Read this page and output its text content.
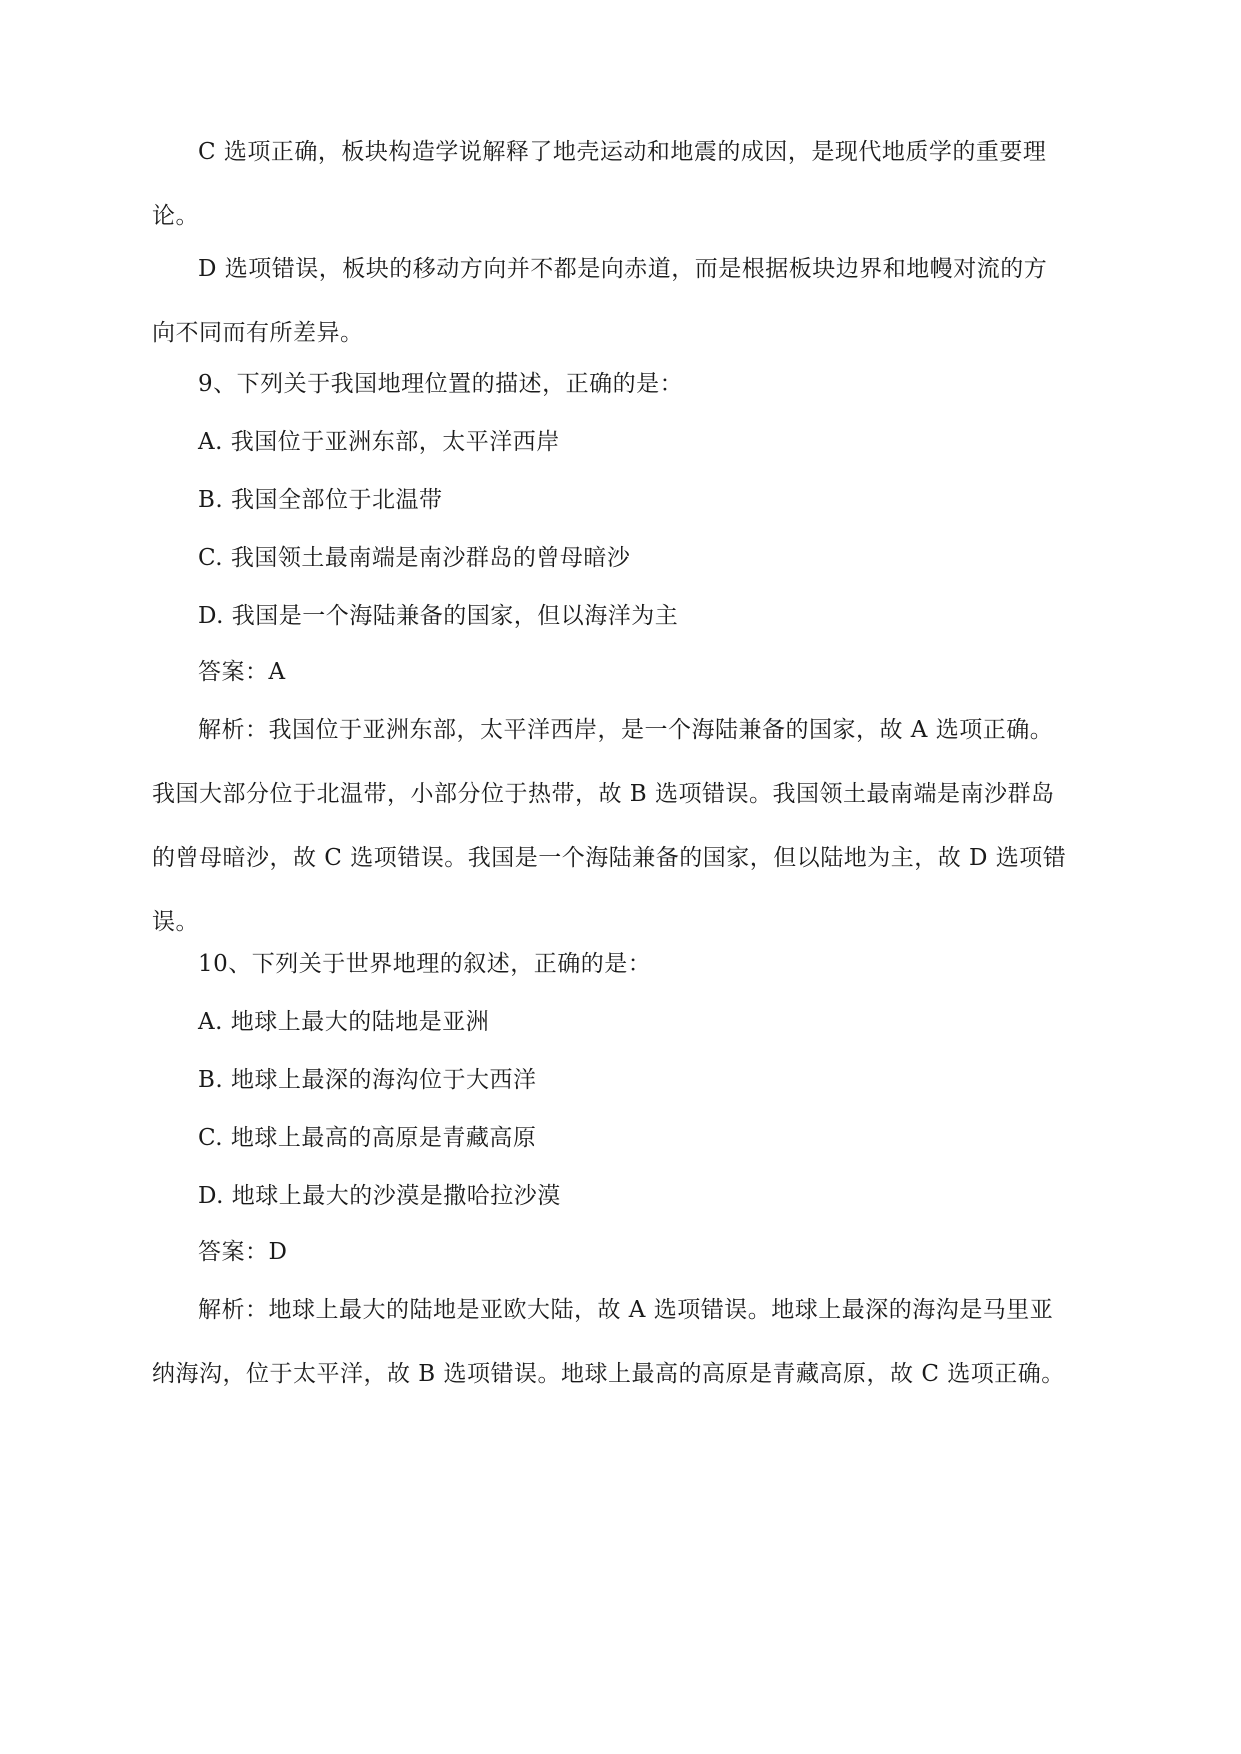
C 选项正确，板块构造学说解释了地壳运动和地震的成因，是现代地质学的重要理
论。
D 选项错误，板块的移动方向并不都是向赤道，而是根据板块边界和地幔对流的方
向不同而有所差异。
9、下列关于我国地理位置的描述，正确的是：
A. 我国位于亚洲东部，太平洋西岸
B. 我国全部位于北温带
C. 我国领土最南端是南沙群岛的曾母暗沙
D. 我国是一个海陆兼备的国家，但以海洋为主
答案：A
解析：我国位于亚洲东部，太平洋西岸，是一个海陆兼备的国家，故 A 选项正确。
我国大部分位于北温带，小部分位于热带，故 B 选项错误。我国领土最南端是南沙群岛
的曾母暗沙，故 C 选项错误。我国是一个海陆兼备的国家，但以陆地为主，故 D 选项错
误。
10、下列关于世界地理的叙述，正确的是：
A. 地球上最大的陆地是亚洲
B. 地球上最深的海沟位于大西洋
C. 地球上最高的高原是青藏高原
D. 地球上最大的沙漠是撒哈拉沙漠
答案：D
解析：地球上最大的陆地是亚欧大陆，故 A 选项错误。地球上最深的海沟是马里亚
纳海沟，位于太平洋，故 B 选项错误。地球上最高的高原是青藏高原，故 C 选项正确。
